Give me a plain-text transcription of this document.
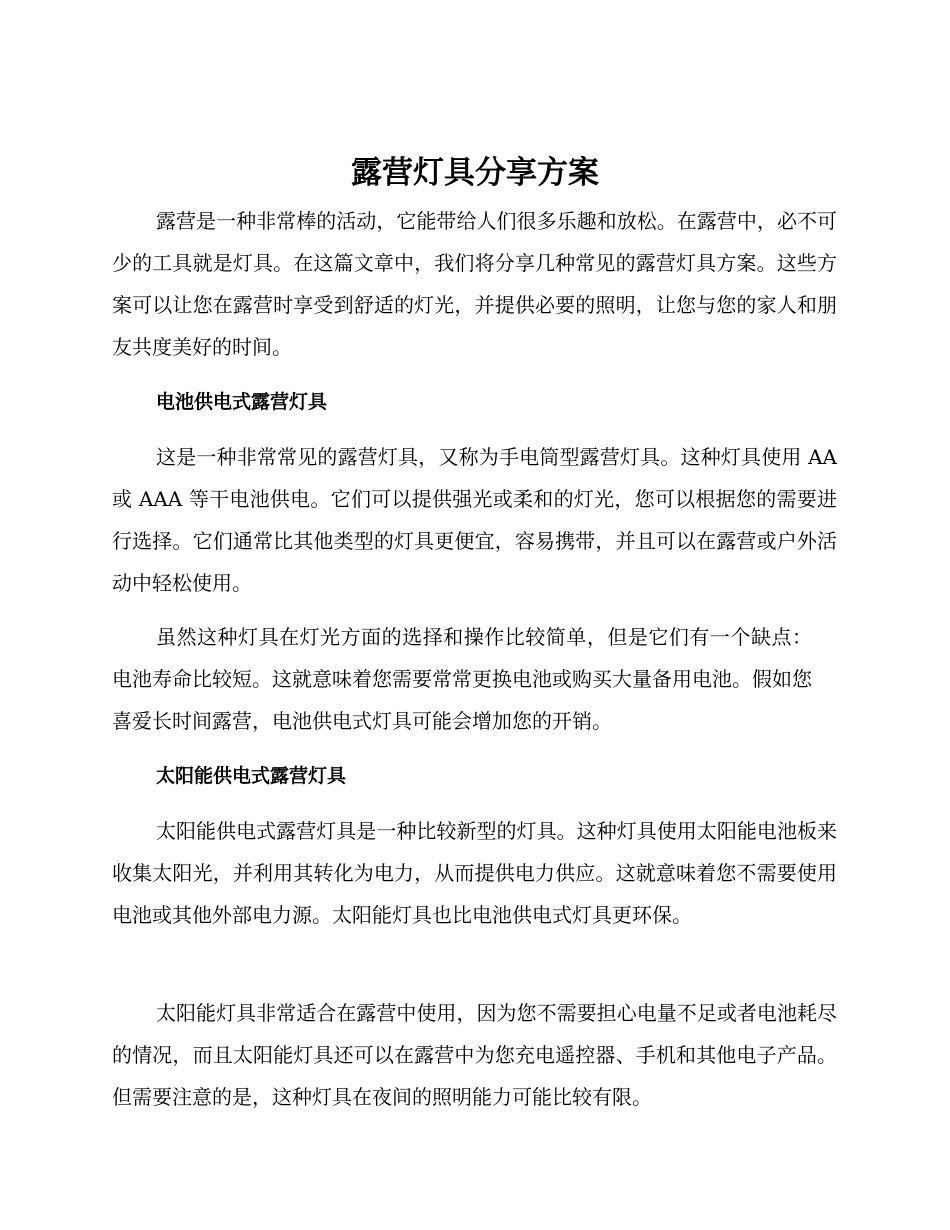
露营灯具分享方案

露营是一种非常棒的活动，它能带给人们很多乐趣和放松。在露营中，必不可少的工具就是灯具。在这篇文章中，我们将分享几种常见的露营灯具方案。这些方案可以让您在露营时享受到舒适的灯光，并提供必要的照明，让您与您的家人和朋友共度美好的时间。

电池供电式露营灯具

这是一种非常常见的露营灯具，又称为手电筒型露营灯具。这种灯具使用 AA 或 AAA 等干电池供电。它们可以提供强光或柔和的灯光，您可以根据您的需要进行选择。它们通常比其他类型的灯具更便宜，容易携带，并且可以在露营或户外活动中轻松使用。

虽然这种灯具在灯光方面的选择和操作比较简单，但是它们有一个缺点：电池寿命比较短。这就意味着您需要常常更换电池或购买大量备用电池。假如您喜爱长时间露营，电池供电式灯具可能会增加您的开销。

太阳能供电式露营灯具

太阳能供电式露营灯具是一种比较新型的灯具。这种灯具使用太阳能电池板来收集太阳光，并利用其转化为电力，从而提供电力供应。这就意味着您不需要使用电池或其他外部电力源。太阳能灯具也比电池供电式灯具更环保。

太阳能灯具非常适合在露营中使用，因为您不需要担心电量不足或者电池耗尽的情况，而且太阳能灯具还可以在露营中为您充电遥控器、手机和其他电子产品。但需要注意的是，这种灯具在夜间的照明能力可能比较有限。
